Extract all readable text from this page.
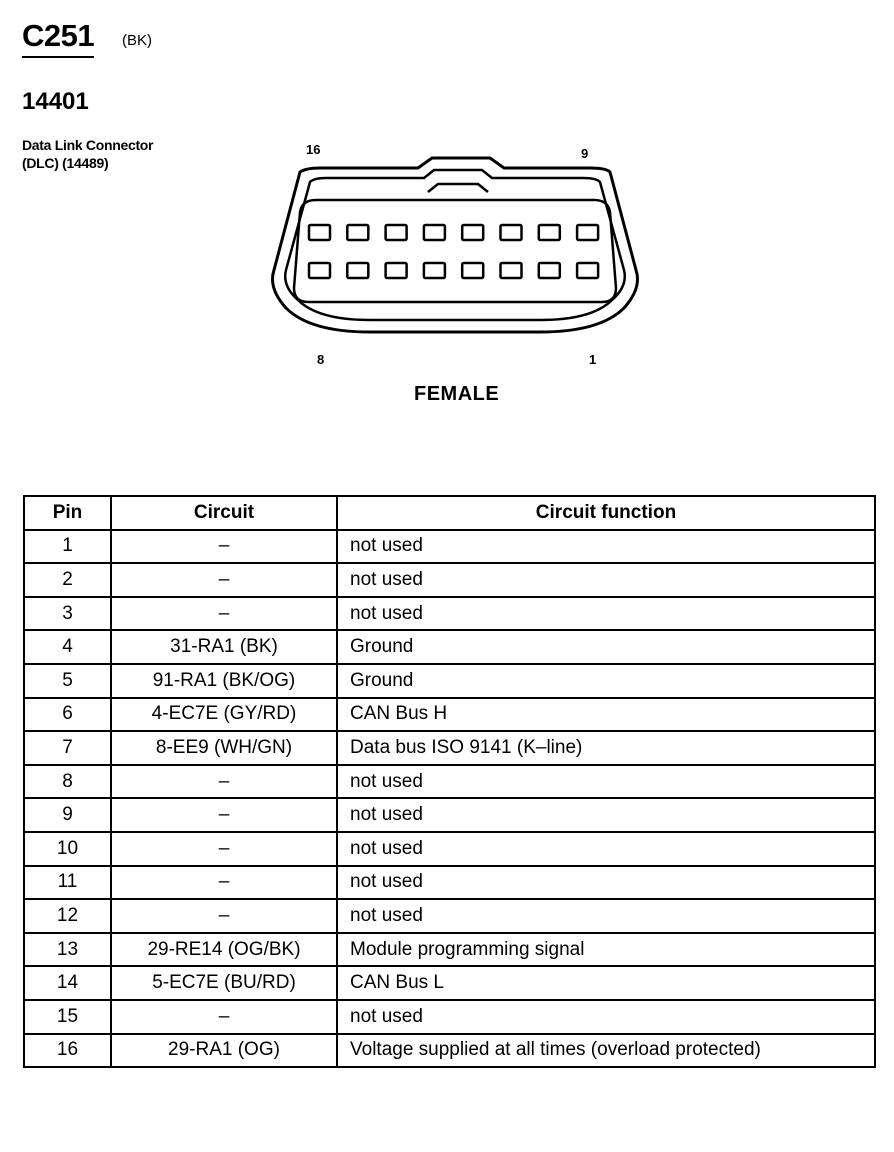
C251 (BK)
14401
Data Link Connector
(DLC) (14489)
16	9
8	1
FEMALE
Pin	Circuit	Circuit function
1	–	not used
2	–	not used
3	–	not used
4	31-RA1 (BK)	Ground
5	91-RA1 (BK/OG)	Ground
6	4-EC7E (GY/RD)	CAN Bus H
7	8-EE9 (WH/GN)	Data bus ISO 9141 (K–line)
8	–	not used
9	–	not used
10	–	not used
11	–	not used
12	–	not used
13	29-RE14 (OG/BK)	Module programming signal
14	5-EC7E (BU/RD)	CAN Bus L
15	–	not used
16	29-RA1 (OG)	Voltage supplied at all times (overload protected)
